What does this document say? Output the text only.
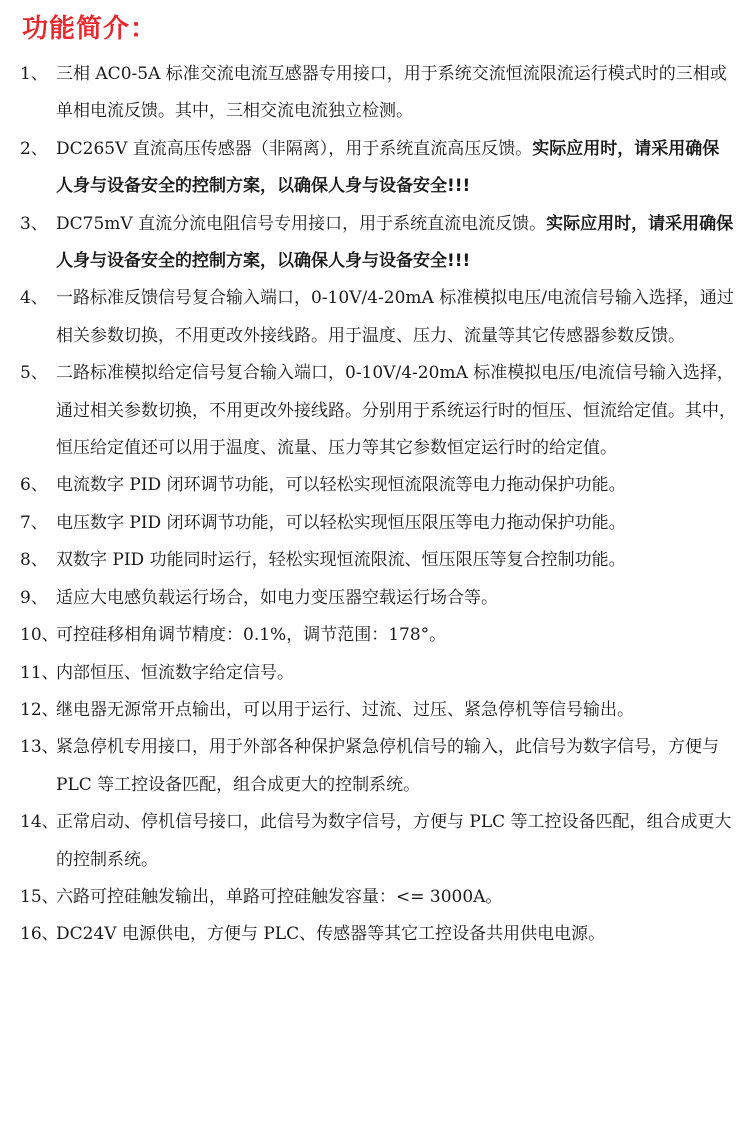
功能简介：
1、 三相 AC0-5A 标准交流电流互感器专用接口，用于系统交流恒流限流运行模式时的三相或单相电流反馈。其中，三相交流电流独立检测。
2、 DC265V 直流高压传感器（非隔离），用于系统直流高压反馈。实际应用时，请采用确保人身与设备安全的控制方案，以确保人身与设备安全!!!
3、 DC75mV 直流分流电阻信号专用接口，用于系统直流电流反馈。实际应用时，请采用确保人身与设备安全的控制方案，以确保人身与设备安全!!!
4、 一路标准反馈信号复合输入端口，0-10V/4-20mA 标准模拟电压/电流信号输入选择，通过相关参数切换，不用更改外接线路。用于温度、压力、流量等其它传感器参数反馈。
5、 二路标准模拟给定信号复合输入端口，0-10V/4-20mA 标准模拟电压/电流信号输入选择，通过相关参数切换，不用更改外接线路。分别用于系统运行时的恒压、恒流给定值。其中，恒压给定值还可以用于温度、流量、压力等其它参数恒定运行时的给定值。
6、 电流数字 PID 闭环调节功能，可以轻松实现恒流限流等电力拖动保护功能。
7、 电压数字 PID 闭环调节功能，可以轻松实现恒压限压等电力拖动保护功能。
8、 双数字 PID 功能同时运行，轻松实现恒流限流、恒压限压等复合控制功能。
9、 适应大电感负载运行场合，如电力变压器空载运行场合等。
10、
可控硅移相角调节精度：0.1%，调节范围：178°。
11、
内部恒压、恒流数字给定信号。
12、
继电器无源常开点输出，可以用于运行、过流、过压、紧急停机等信号输出。
13、
紧急停机专用接口，用于外部各种保护紧急停机信号的输入，此信号为数字信号，方便与 PLC 等工控设备匹配，组合成更大的控制系统。
14、
正常启动、停机信号接口，此信号为数字信号，方便与 PLC 等工控设备匹配，组合成更大的控制系统。
15、
六路可控硅触发输出，单路可控硅触发容量：<= 3000A。
16、
DC24V 电源供电，方便与 PLC、传感器等其它工控设备共用供电电源。
